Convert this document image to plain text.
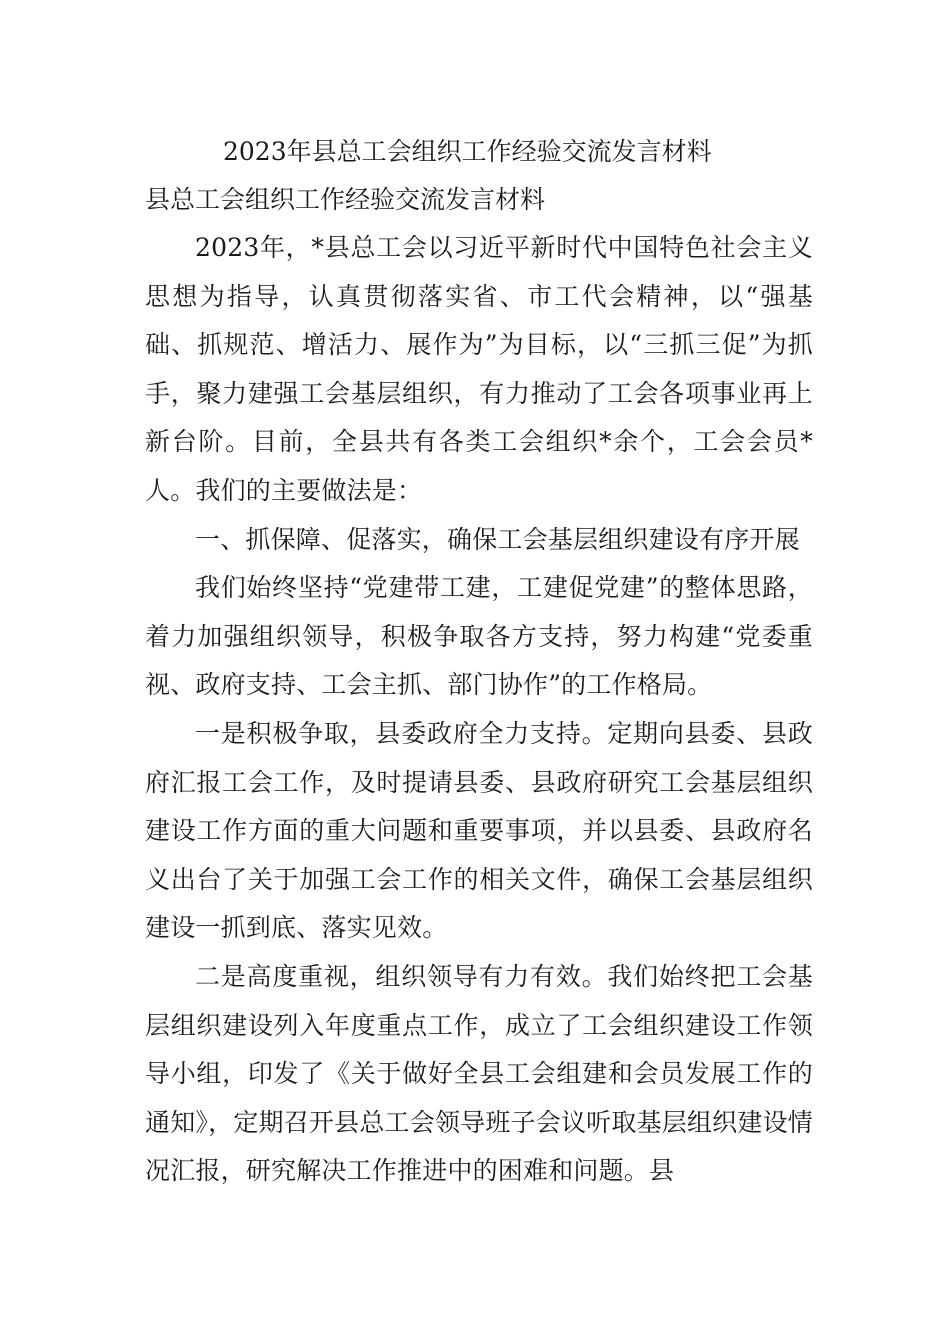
2023年县总工会组织工作经验交流发言材料
县总工会组织工作经验交流发言材料

2023年，*县总工会以习近平新时代中国特色社会主义思想为指导，认真贯彻落实省、市工代会精神，以“强基础、抓规范、增活力、展作为”为目标，以“三抓三促”为抓手，聚力建强工会基层组织，有力推动了工会各项事业再上新台阶。目前，全县共有各类工会组织*余个，工会会员*人。我们的主要做法是：

一、抓保障、促落实，确保工会基层组织建设有序开展

我们始终坚持“党建带工建，工建促党建”的整体思路，着力加强组织领导，积极争取各方支持，努力构建“党委重视、政府支持、工会主抓、部门协作”的工作格局。

一是积极争取，县委政府全力支持。定期向县委、县政府汇报工会工作，及时提请县委、县政府研究工会基层组织建设工作方面的重大问题和重要事项，并以县委、县政府名义出台了关于加强工会工作的相关文件，确保工会基层组织建设一抓到底、落实见效。

二是高度重视，组织领导有力有效。我们始终把工会基层组织建设列入年度重点工作，成立了工会组织建设工作领导小组，印发了《关于做好全县工会组建和会员发展工作的通知》，定期召开县总工会领导班子会议听取基层组织建设情况汇报，研究解决工作推进中的困难和问题。县
